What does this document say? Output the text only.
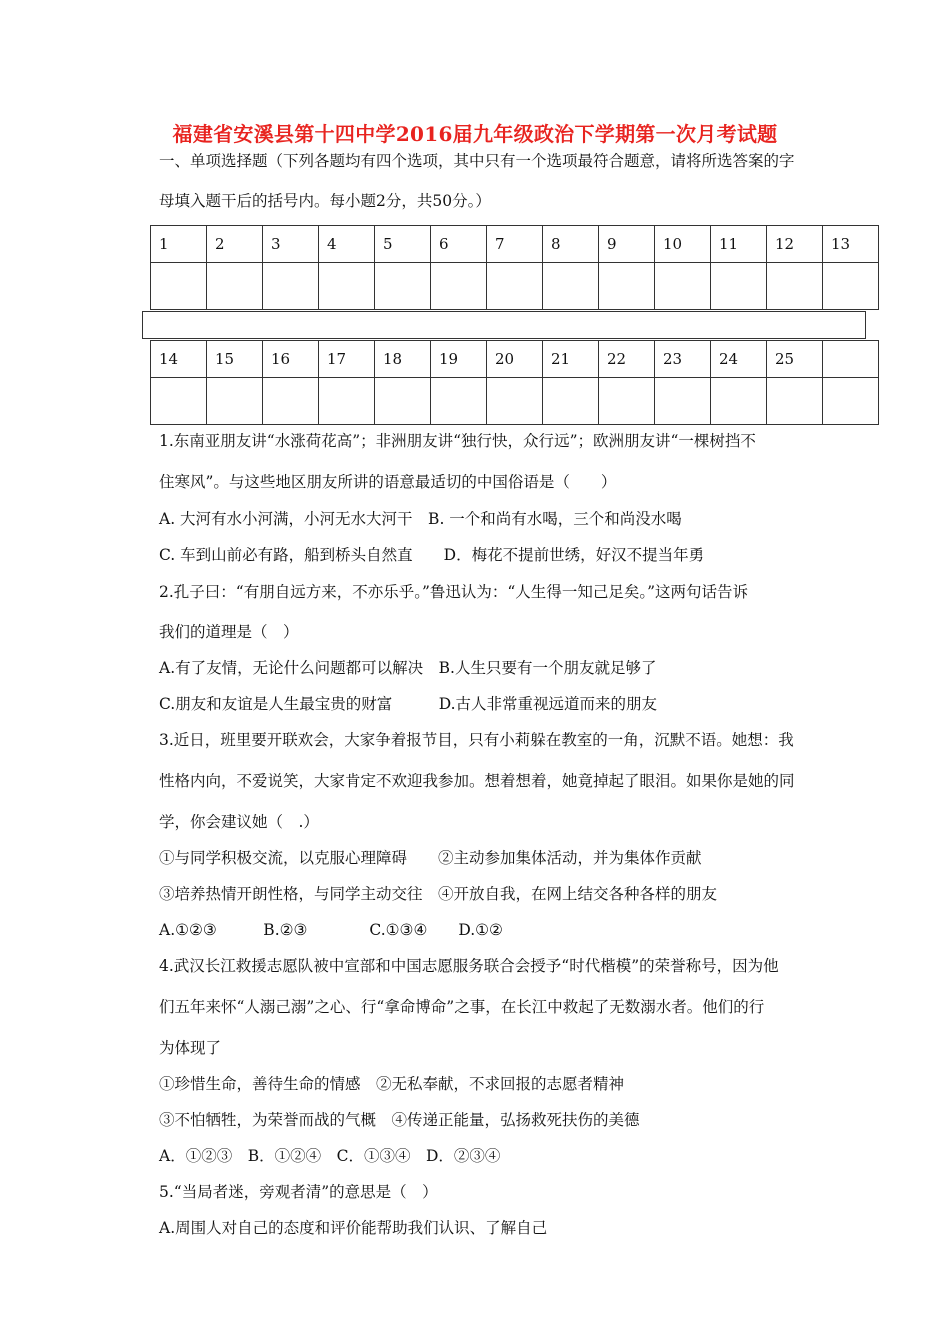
福建省安溪县第十四中学2016届九年级政治下学期第一次月考试题
一、单项选择题（下列各题均有四个选项，其中只有一个选项最符合题意，请将所选答案的字
母填入题干后的括号内。每小题2分，共50分。）
1	2	3	4	5	6	7	8	9	10	11	12	13

14	15	16	17	18	19	20	21	22	23	24	25	

1.东南亚朋友讲“水涨荷花高”；非洲朋友讲“独行快，众行远”；欧洲朋友讲“一棵树挡不
住寒风”。与这些地区朋友所讲的语意最适切的中国俗语是（　　）
A. 大河有水小河满，小河无水大河干　B. 一个和尚有水喝，三个和尚没水喝
C. 车到山前必有路，船到桥头自然直　　D．梅花不提前世绣，好汉不提当年勇
2.孔子曰：“有朋自远方来，不亦乐乎。”鲁迅认为：“人生得一知己足矣。”这两句话告诉
我们的道理是（　）
A.有了友情，无论什么问题都可以解决　B.人生只要有一个朋友就足够了
C.朋友和友谊是人生最宝贵的财富　　　D.古人非常重视远道而来的朋友
3.近日，班里要开联欢会，大家争着报节目，只有小莉躲在教室的一角，沉默不语。她想：我
性格内向，不爱说笑，大家肯定不欢迎我参加。想着想着，她竟掉起了眼泪。如果你是她的同
学，你会建议她（　.）
①与同学积极交流，以克服心理障碍　　②主动参加集体活动，并为集体作贡献
③培养热情开朗性格，与同学主动交往　④开放自我，在网上结交各种各样的朋友
A.①②③　　　B.②③　　　　C.①③④　　D.①②
4.武汉长江救援志愿队被中宣部和中国志愿服务联合会授予“时代楷模”的荣誉称号，因为他
们五年来怀“人溺己溺”之心、行“拿命博命”之事，在长江中救起了无数溺水者。他们的行
为体现了
①珍惜生命，善待生命的情感　②无私奉献，不求回报的志愿者精神
③不怕牺牲，为荣誉而战的气概　④传递正能量，弘扬救死扶伤的美德
A．①②③　B．①②④　C．①③④　D．②③④
5.“当局者迷，旁观者清”的意思是（　）
A.周围人对自己的态度和评价能帮助我们认识、了解自己
